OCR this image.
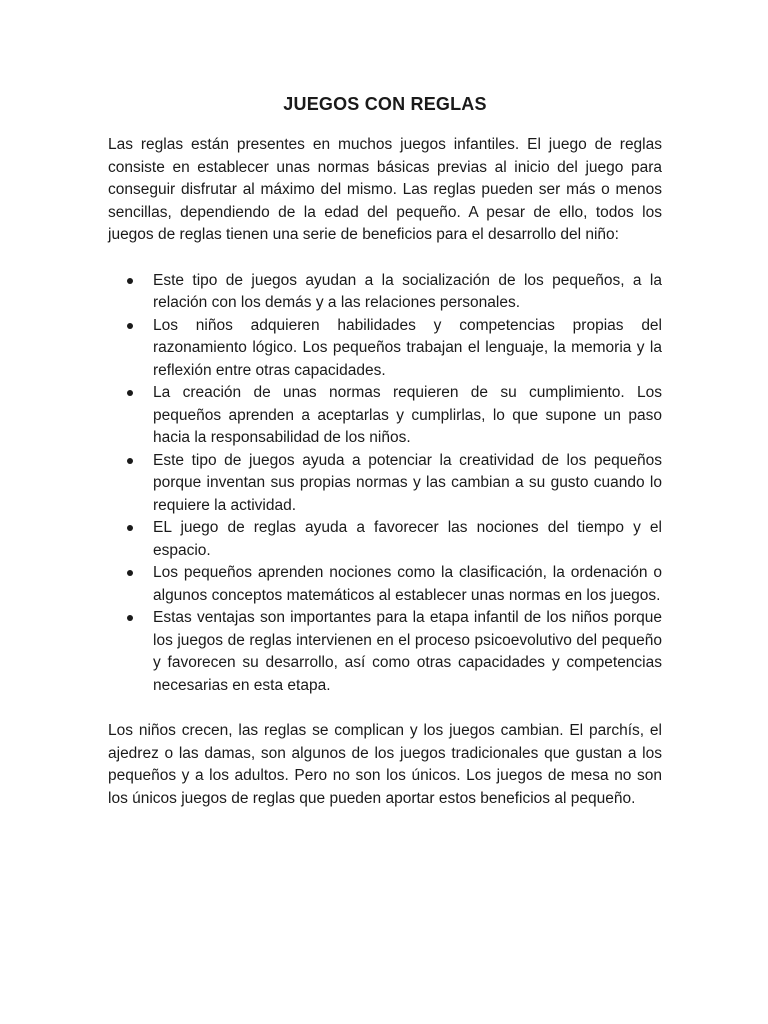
JUEGOS CON REGLAS

Las reglas están presentes en muchos juegos infantiles. El juego de reglas consiste en establecer unas normas básicas previas al inicio del juego para conseguir disfrutar al máximo del mismo. Las reglas pueden ser más o menos sencillas, dependiendo de la edad del pequeño. A pesar de ello, todos los juegos de reglas tienen una serie de beneficios para el desarrollo del niño:

Este tipo de juegos ayudan a la socialización de los pequeños, a la relación con los demás y a las relaciones personales.
Los niños adquieren habilidades y competencias propias del razonamiento lógico. Los pequeños trabajan el lenguaje, la memoria y la reflexión entre otras capacidades.
La creación de unas normas requieren de su cumplimiento. Los pequeños aprenden a aceptarlas y cumplirlas, lo que supone un paso hacia la responsabilidad de los niños.
Este tipo de juegos ayuda a potenciar la creatividad de los pequeños porque inventan sus propias normas y las cambian a su gusto cuando lo requiere la actividad.
EL juego de reglas ayuda a favorecer las nociones del tiempo y el espacio.
Los pequeños aprenden nociones como la clasificación, la ordenación o algunos conceptos matemáticos al establecer unas normas en los juegos.
Estas ventajas son importantes para la etapa infantil de los niños porque los juegos de reglas intervienen en el proceso psicoevolutivo del pequeño y favorecen su desarrollo, así como otras capacidades y competencias necesarias en esta etapa.

Los niños crecen, las reglas se complican y los juegos cambian. El parchís, el ajedrez o las damas, son algunos de los juegos tradicionales que gustan a los pequeños y a los adultos. Pero no son los únicos. Los juegos de mesa no son los únicos juegos de reglas que pueden aportar estos beneficios al pequeño.
